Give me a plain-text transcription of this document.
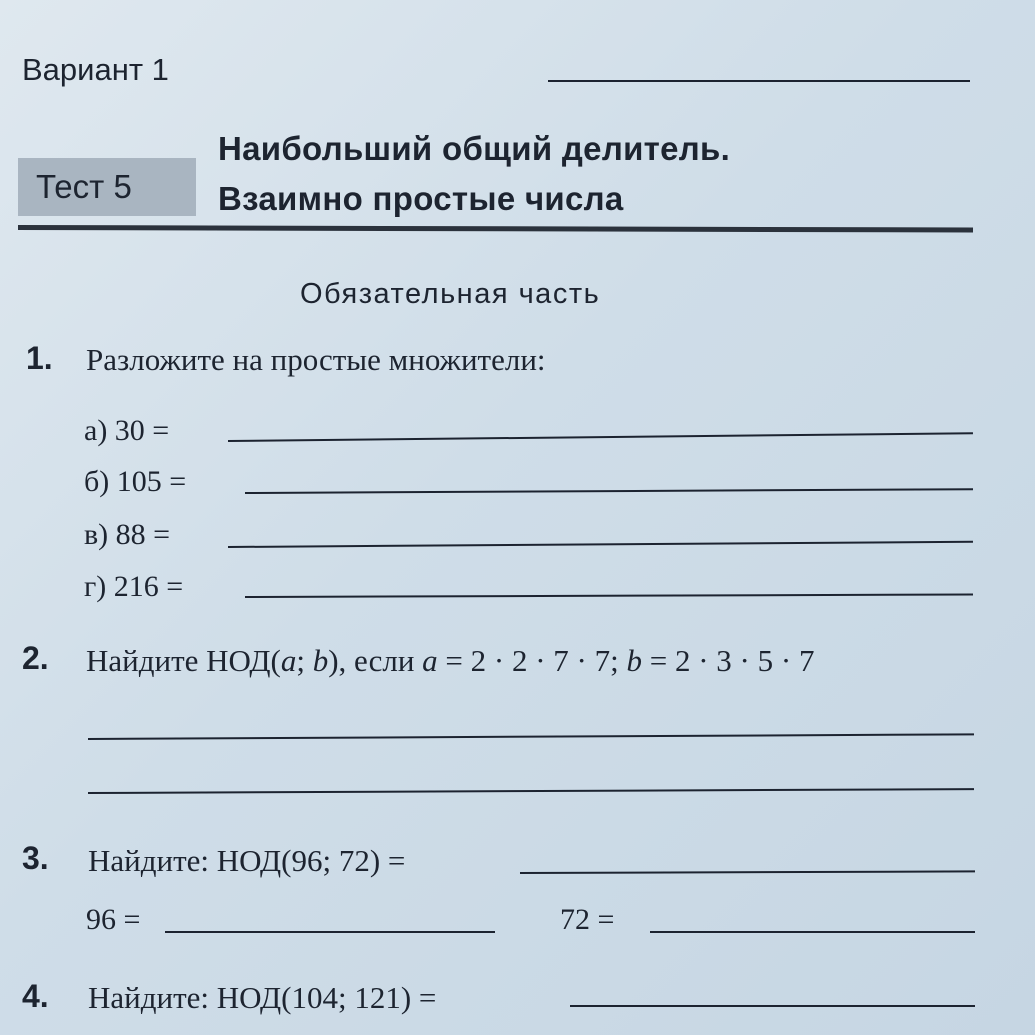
Вариант 1
Тест 5
Наибольший общий делитель.
Взаимно простые числа
Обязательная часть
1. Разложите на простые множители:
а) 30 =
б) 105 =
в) 88 =
г) 216 =
2. Найдите НОД(a; b), если a = 2 · 2 · 7 · 7; b = 2 · 3 · 5 · 7
3. Найдите: НОД(96; 72) =
96 =	72 =
4. Найдите: НОД(104; 121) =
